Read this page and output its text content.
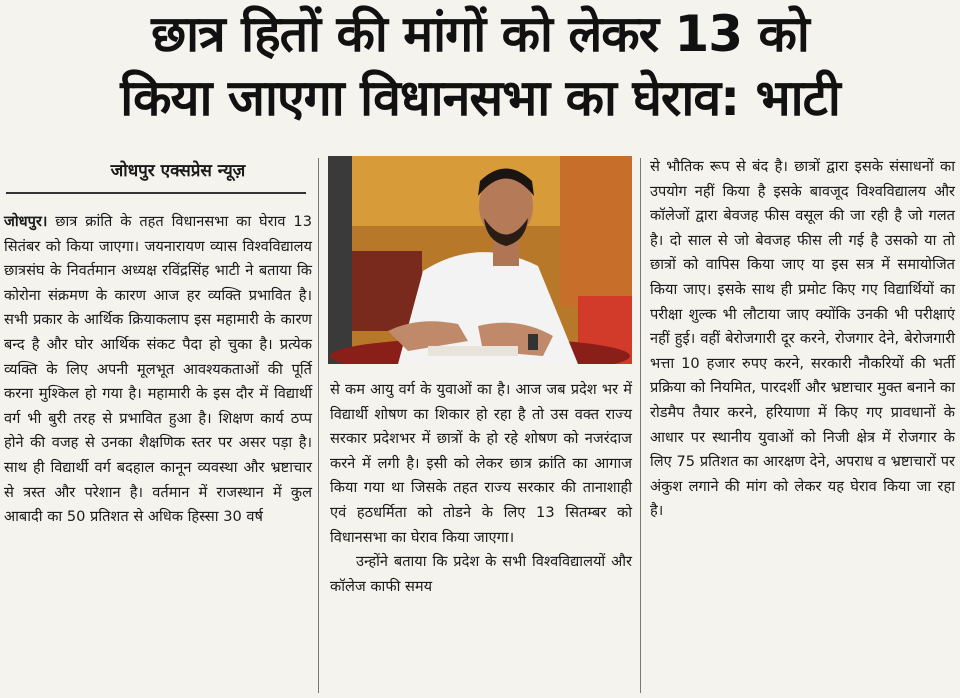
छात्र हितों की मांगों को लेकर 13 को
किया जाएगा विधानसभा का घेराव: भाटी
जोधपुर एक्सप्रेस न्यूज़

जोधपुर। छात्र क्रांति के तहत विधानसभा का घेराव 13 सितंबर को किया जाएगा। जयनारायण व्यास विश्वविद्यालय छात्रसंघ के निवर्तमान अध्यक्ष रविंद्रसिंह भाटी ने बताया कि कोरोना संक्रमण के कारण आज हर व्यक्ति प्रभावित है। सभी प्रकार के आर्थिक क्रियाकलाप इस महामारी के कारण बन्द है और घोर आर्थिक संकट पैदा हो चुका है। प्रत्येक व्यक्ति के लिए अपनी मूलभूत आवश्यकताओं की पूर्ति करना मुश्किल हो गया है। महामारी के इस दौर में विद्यार्थी वर्ग भी बुरी तरह से प्रभावित हुआ है। शिक्षण कार्य ठप्प होने की वजह से उनका शैक्षणिक स्तर पर असर पड़ा है। साथ ही विद्यार्थी वर्ग बदहाल कानून व्यवस्था और भ्रष्टाचार से त्रस्त और परेशान है। वर्तमान में राजस्थान में कुल आबादी का 50 प्रतिशत से अधिक हिस्सा 30 वर्ष

से कम आयु वर्ग के युवाओं का है। आज जब प्रदेश भर में विद्यार्थी शोषण का शिकार हो रहा है तो उस वक्त राज्य सरकार प्रदेशभर में छात्रों के हो रहे शोषण को नजरंदाज करने में लगी है। इसी को लेकर छात्र क्रांति का आगाज किया गया था जिसके तहत राज्य सरकार की तानाशाही एवं हठधर्मिता को तोडने के लिए 13 सितम्बर को विधानसभा का घेराव किया जाएगा।

उन्होंने बताया कि प्रदेश के सभी विश्वविद्यालयों और कॉलेज काफी समय

से भौतिक रूप से बंद है। छात्रों द्वारा इसके संसाधनों का उपयोग नहीं किया है इसके बावजूद विश्वविद्यालय और कॉलेजों द्वारा बेवजह फीस वसूल की जा रही है जो गलत है। दो साल से जो बेवजह फीस ली गई है उसको या तो छात्रों को वापिस किया जाए या इस सत्र में समायोजित किया जाए। इसके साथ ही प्रमोट किए गए विद्यार्थियों का परीक्षा शुल्क भी लौटाया जाए क्योंकि उनकी भी परीक्षाएं नहीं हुई। वहीं बेरोजगारी दूर करने, रोजगार देने, बेरोजगारी भत्ता 10 हजार रुपए करने, सरकारी नौकरियों की भर्ती प्रक्रिया को नियमित, पारदर्शी और भ्रष्टाचार मुक्त बनाने का रोडमैप तैयार करने, हरियाणा में किए गए प्रावधानों के आधार पर स्थानीय युवाओं को निजी क्षेत्र में रोजगार के लिए 75 प्रतिशत का आरक्षण देने, अपराध व भ्रष्टाचारों पर अंकुश लगाने की मांग को लेकर यह घेराव किया जा रहा है।
